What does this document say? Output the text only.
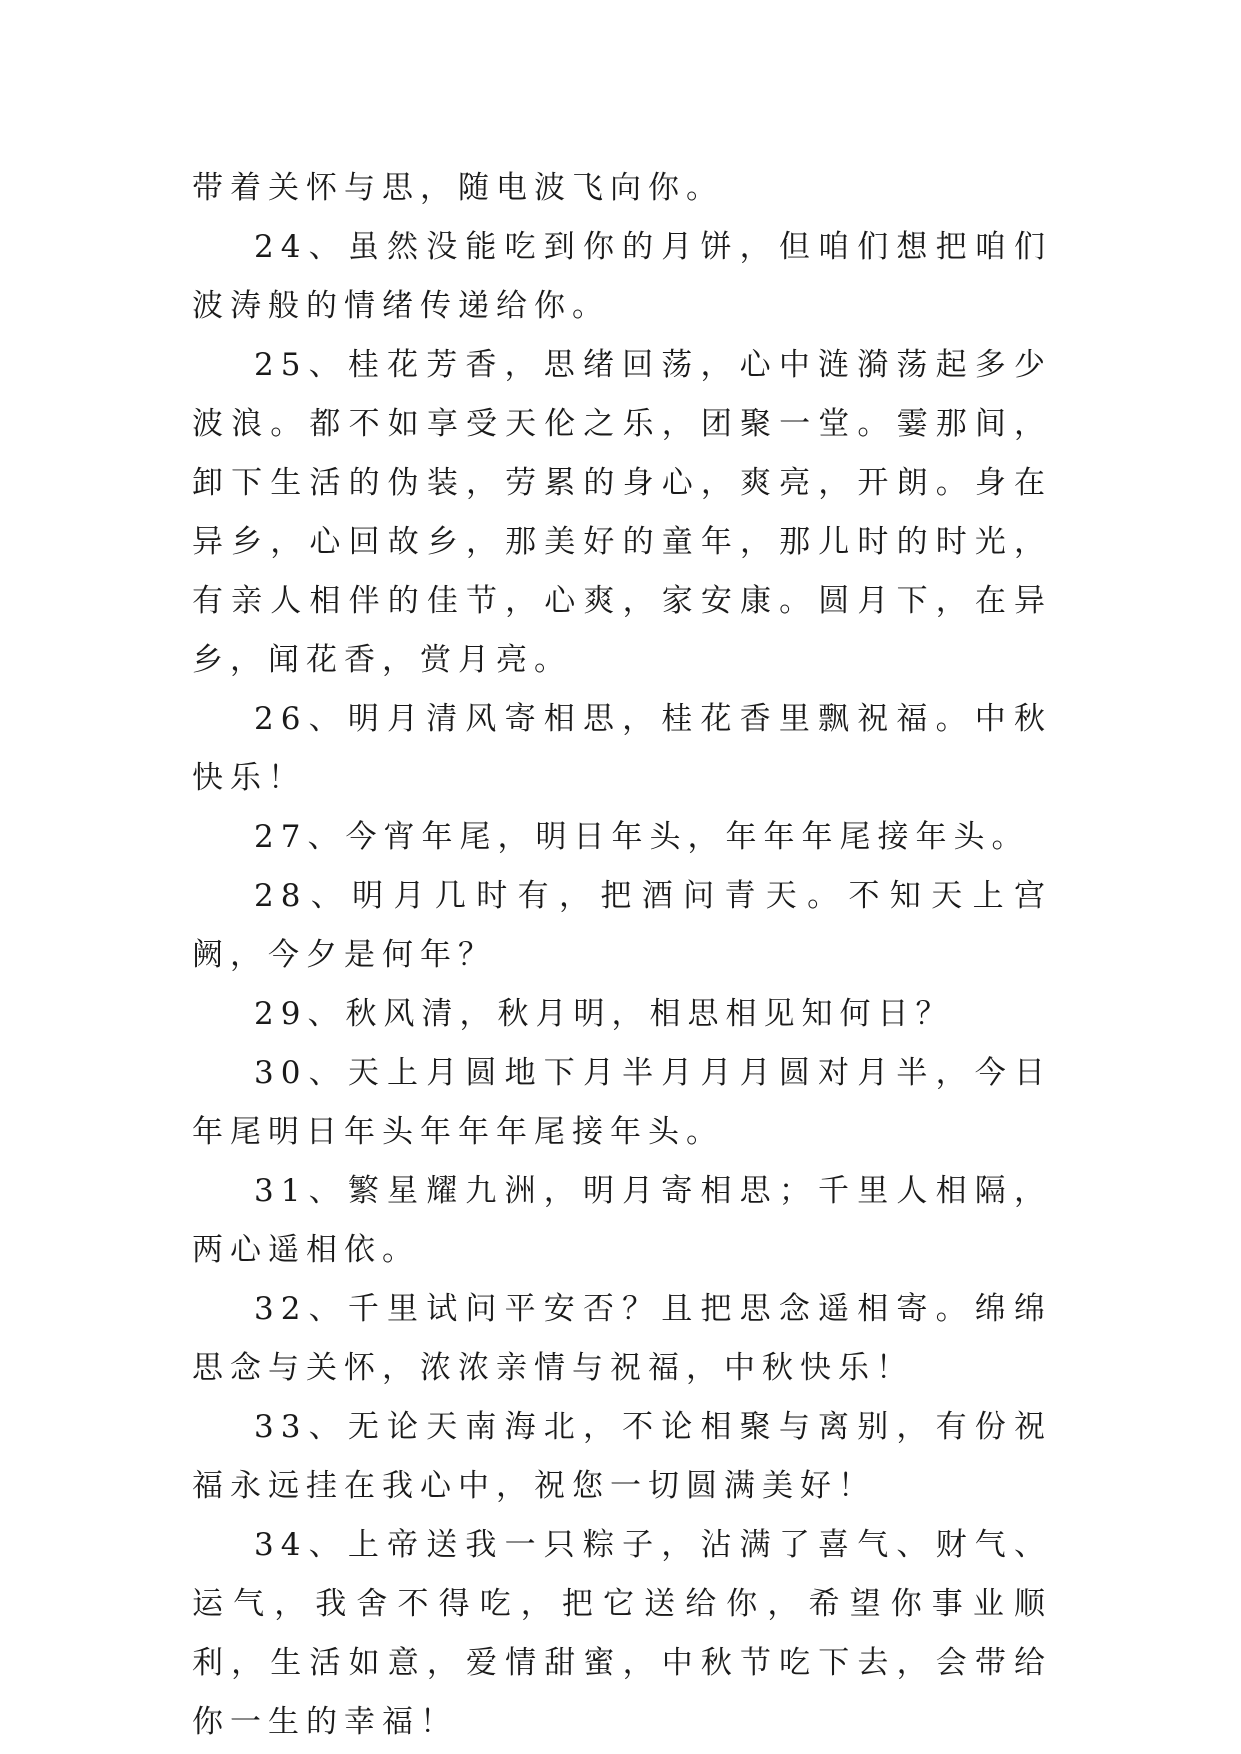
带着关怀与思，随电波飞向你。

24、虽然没能吃到你的月饼，但咱们想把咱们波涛般的情绪传递给你。

25、桂花芳香，思绪回荡，心中涟漪荡起多少波浪。都不如享受天伦之乐，团聚一堂。霎那间，卸下生活的伪装，劳累的身心，爽亮，开朗。身在异乡，心回故乡，那美好的童年，那儿时的时光，有亲人相伴的佳节，心爽，家安康。圆月下，在异乡，闻花香，赏月亮。

26、明月清风寄相思，桂花香里飘祝福。中秋快乐！

27、今宵年尾，明日年头，年年年尾接年头。

28、明月几时有，把酒问青天。不知天上宫阙，今夕是何年？

29、秋风清，秋月明，相思相见知何日？

30、天上月圆地下月半月月月圆对月半，今日年尾明日年头年年年尾接年头。

31、繁星耀九洲，明月寄相思；千里人相隔，两心遥相依。

32、千里试问平安否？且把思念遥相寄。绵绵思念与关怀，浓浓亲情与祝福，中秋快乐！

33、无论天南海北，不论相聚与离别，有份祝福永远挂在我心中，祝您一切圆满美好！

34、上帝送我一只粽子，沾满了喜气、财气、运气，我舍不得吃，把它送给你，希望你事业顺利，生活如意，爱情甜蜜，中秋节吃下去，会带给你一生的幸福！
